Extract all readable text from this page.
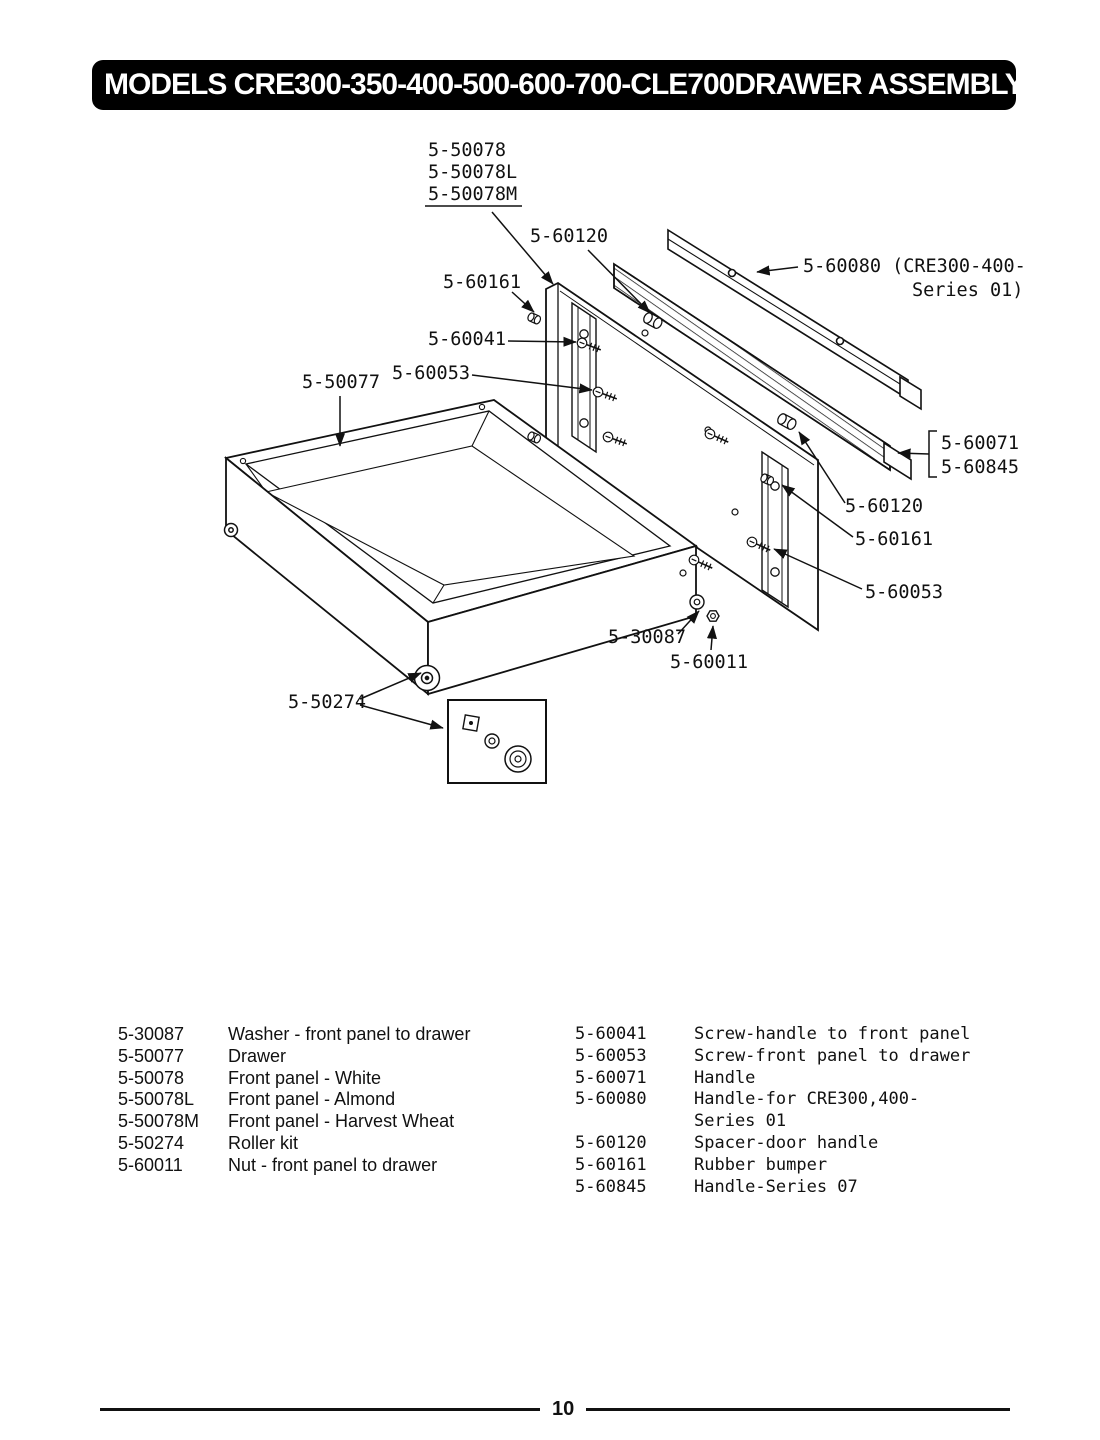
MODELS CRE300-350-400-500-600-700-CLE700 DRAWER ASSEMBLY
5-50078
5-50078L
5-50078M
5-60120
5-60080 (CRE300-400-
Series 01)
5-60161
5-60041
5-60053
5-50077
5-60071
5-60845
5-60120
5-60161
5-60053
5-30087
5-60011
5-50274
5-30087	Washer - front panel to drawer
5-50077	Drawer
5-50078	Front panel - White
5-50078L	Front panel - Almond
5-50078M	Front panel - Harvest Wheat
5-50274	Roller kit
5-60011	Nut - front panel to drawer
5-60041	Screw-handle to front panel
5-60053	Screw-front panel to drawer
5-60071	Handle
5-60080	Handle-for CRE300,400-
Series 01
5-60120	Spacer-door handle
5-60161	Rubber bumper
5-60845	Handle-Series 07
10
